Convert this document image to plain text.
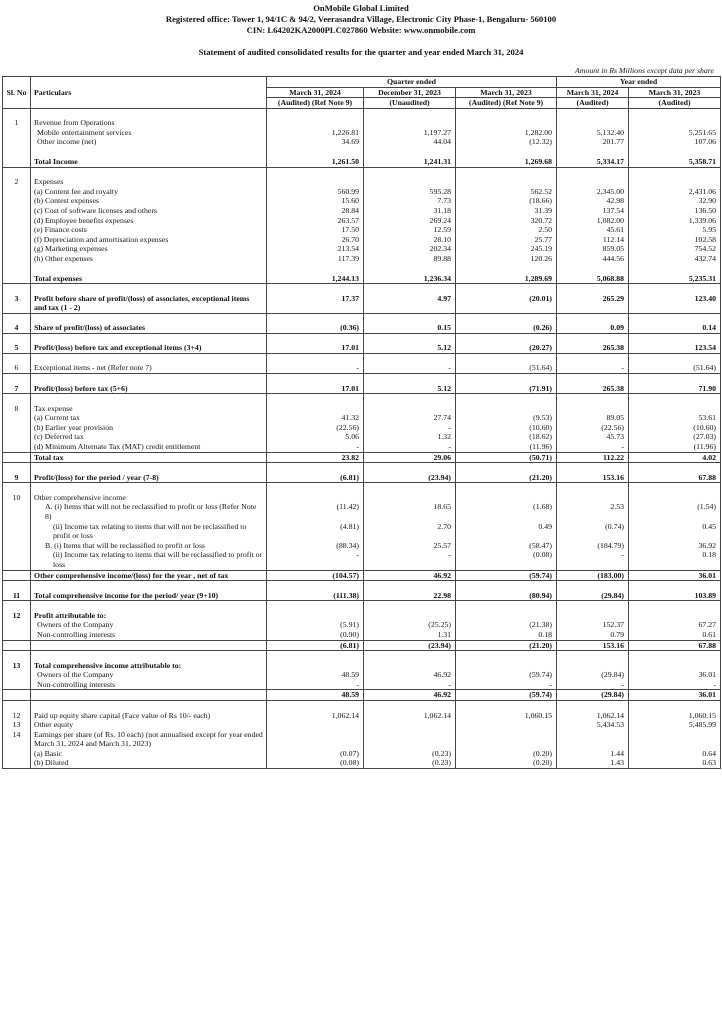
OnMobile Global Limited
Registered office: Tower 1, 94/1C & 94/2, Veerasandra Village, Electronic City Phase-1, Bengaluru- 560100
CIN: L64202KA2000PLC027860 Website: www.onmobile.com
Statement of audited consolidated results for the quarter and year ended March 31, 2024
Amount in Rs Millions except data per share
Sl. No	Particulars	Quarter ended			Year ended	
		March 31, 2024	December 31, 2023	March 31, 2023	March 31, 2024	March 31, 2023
		(Audited) (Ref Note 9)	(Unaudited)	(Audited) (Ref Note 9)	(Audited)	(Audited)

1	Revenue from Operations					
	Mobile entertainment services	1,226.81	1,197.27	1,282.00	5,132.40	5,251.65
	Other income (net)	34.69	44.04	(12.32)	201.77	107.06

	Total Income	1,261.50	1,241.31	1,269.68	5,334.17	5,358.71

2	Expenses					
	(a) Content fee and royalty	560.99	595.28	562.52	2,345.00	2,431.06
	(b) Contest expenses	15.60	7.73	(18.66)	42.98	32.90
	(c) Cost of software licenses and others	28.84	31.18	31.39	137.54	136.50
	(d) Employee benefits expenses	263.57	269.24	320.72	1,082.00	1,339.06
	(e) Finance costs	17.50	12.59	2.50	45.61	5.95
	(f) Depreciation and amortisation expenses	26.70	28.10	25.77	112.14	102.58
	(g) Marketing expenses	213.54	202.34	245.19	859.05	754.52
	(h) Other expenses	117.39	89.88	120.26	444.56	432.74

	Total expenses	1,244.13	1,236.34	1,289.69	5,068.88	5,235.31

3	Profit before share of profit/(loss) of associates, exceptional items and tax (1 - 2)	17.37	4.97	(20.01)	265.29	123.40

4	Share of profit/(loss) of associates	(0.36)	0.15	(0.26)	0.09	0.14

5	Profit/(loss) before tax and exceptional items (3+4)	17.01	5.12	(20.27)	265.38	123.54

6	Exceptional items - net (Refer note 7)	-	-	(51.64)	-	(51.64)

7	Profit/(loss) before tax (5+6)	17.01	5.12	(71.91)	265.38	71.90

8	Tax expense					
	(a) Current tax	41.32	27.74	(9.53)	89.05	53.61
	(b) Earlier year provision	(22.56)	-	(10.60)	(22.56)	(10.60)
	(c) Deferred tax	5.06	1.32	(18.62)	45.73	(27.03)
	(d) Minimum Alternate Tax (MAT) credit entitlement	-	-	(11.96)	-	(11.96)
	Total tax	23.82	29.06	(50.71)	112.22	4.02

9	Profit/(loss) for the period / year (7-8)	(6.81)	(23.94)	(21.20)	153.16	67.88

10	Other comprehensive income					
	A. (i) Items that will not be reclassified to profit or loss (Refer Note 8)	(11.42)	18.65	(1.68)	2.53	(1.54)
	(ii) Income tax relating to items that will not be reclassified to profit or loss	(4.81)	2.70	0.49	(0.74)	0.45
	B. (i) Items that will be reclassified to profit or loss	(88.34)	25.57	(58.47)	(184.79)	36.92
	(ii) Income tax relating to items that will be reclassified to profit or loss	-	-	(0.08)	-	0.18
	Other comprehensive income/(loss) for the year , net of tax	(104.57)	46.92	(59.74)	(183.00)	36.01

11	Total comprehensive income for the period/ year (9+10)	(111.38)	22.98	(80.94)	(29.84)	103.89

12	Profit attributable to:					
	Owners of the Company	(5.91)	(25.25)	(21.38)	152.37	67.27
	Non-controlling interests	(0.90)	1.31	0.18	0.79	0.61
		(6.81)	(23.94)	(21.20)	153.16	67.88

13	Total comprehensive income attributable to:					
	Owners of the Company	48.59	46.92	(59.74)	(29.84)	36.01
	Non-controlling interests	-	-	-	-	-
		48.59	46.92	(59.74)	(29.84)	36.01

12	Paid up equity share capital (Face value of Rs 10/- each)	1,062.14	1,062.14	1,060.15	1,062.14	1,060.15
13	Other equity				5,434.53	5,485.99
14	Earnings per share (of Rs. 10 each) (not annualised except for year ended March 31, 2024 and March 31, 2023)					
	(a) Basic	(0.07)	(0.23)	(0.20)	1.44	0.64
	(b) Diluted	(0.08)	(0.23)	(0.20)	1.43	0.63
